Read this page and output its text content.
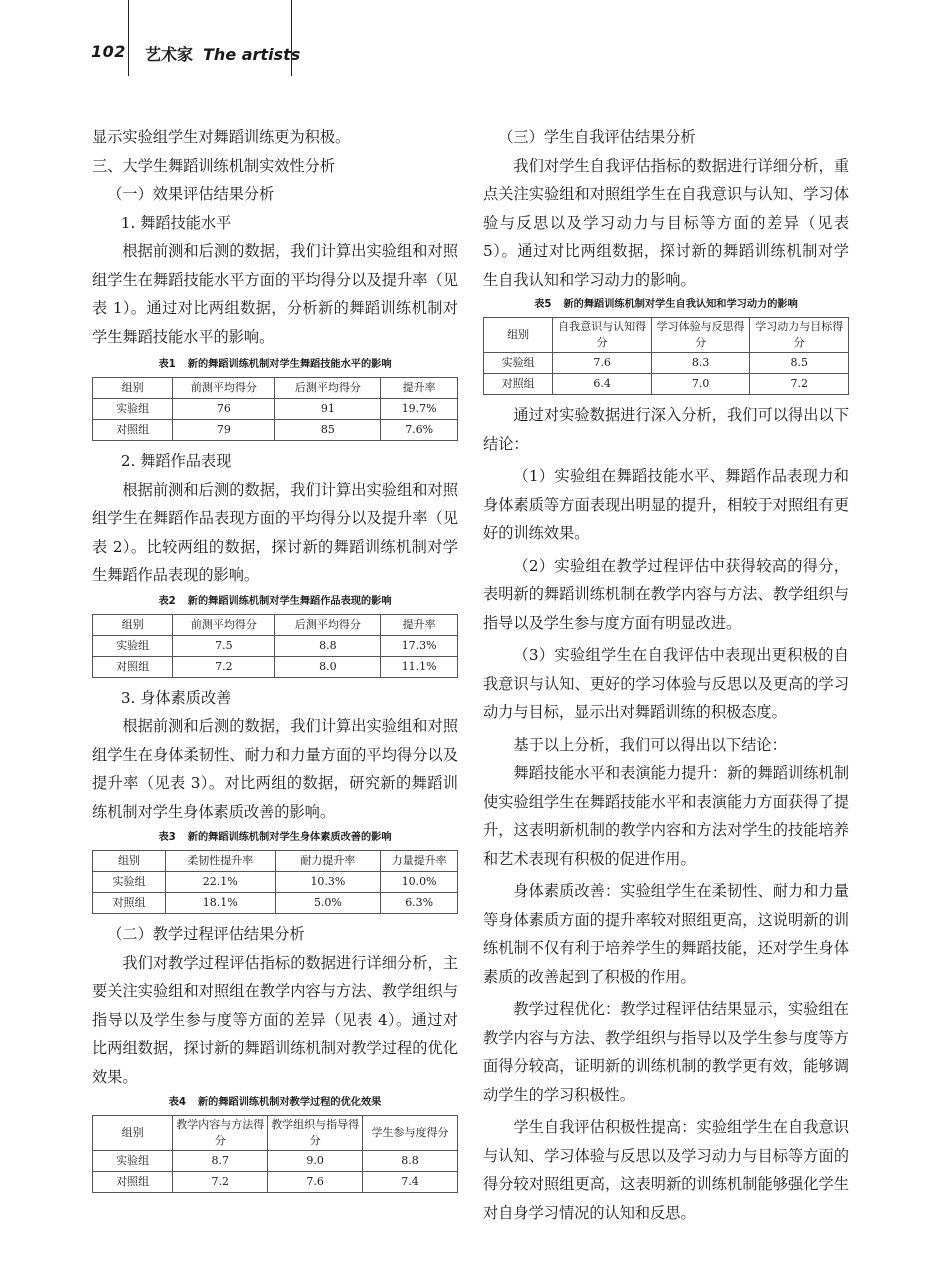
102 艺术家 The artists

显示实验组学生对舞蹈训练更为积极。

三、大学生舞蹈训练机制实效性分析

（一）效果评估结果分析

1. 舞蹈技能水平

根据前测和后测的数据，我们计算出实验组和对照组学生在舞蹈技能水平方面的平均得分以及提升率（见表 1）。通过对比两组数据，分析新的舞蹈训练机制对学生舞蹈技能水平的影响。

表1 新的舞蹈训练机制对学生舞蹈技能水平的影响
组别	前测平均得分	后测平均得分	提升率
实验组	76	91	19.7%
对照组	79	85	7.6%

2. 舞蹈作品表现

根据前测和后测的数据，我们计算出实验组和对照组学生在舞蹈作品表现方面的平均得分以及提升率（见表 2）。比较两组的数据，探讨新的舞蹈训练机制对学生舞蹈作品表现的影响。

表2 新的舞蹈训练机制对学生舞蹈作品表现的影响
组别	前测平均得分	后测平均得分	提升率
实验组	7.5	8.8	17.3%
对照组	7.2	8.0	11.1%

3. 身体素质改善

根据前测和后测的数据，我们计算出实验组和对照组学生在身体柔韧性、耐力和力量方面的平均得分以及提升率（见表 3）。对比两组的数据，研究新的舞蹈训练机制对学生身体素质改善的影响。

表3 新的舞蹈训练机制对学生身体素质改善的影响
组别	柔韧性提升率	耐力提升率	力量提升率
实验组	22.1%	10.3%	10.0%
对照组	18.1%	5.0%	6.3%

（二）教学过程评估结果分析

我们对教学过程评估指标的数据进行详细分析，主要关注实验组和对照组在教学内容与方法、教学组织与指导以及学生参与度等方面的差异（见表 4）。通过对比两组数据，探讨新的舞蹈训练机制对教学过程的优化效果。

表4 新的舞蹈训练机制对教学过程的优化效果
组别	教学内容与方法得分	教学组织与指导得分	学生参与度得分
实验组	8.7	9.0	8.8
对照组	7.2	7.6	7.4

（三）学生自我评估结果分析

我们对学生自我评估指标的数据进行详细分析，重点关注实验组和对照组学生在自我意识与认知、学习体验与反思以及学习动力与目标等方面的差异（见表 5）。通过对比两组数据，探讨新的舞蹈训练机制对学生自我认知和学习动力的影响。

表5 新的舞蹈训练机制对学生自我认知和学习动力的影响
组别	自我意识与认知得分	学习体验与反思得分	学习动力与目标得分
实验组	7.6	8.3	8.5
对照组	6.4	7.0	7.2

通过对实验数据进行深入分析，我们可以得出以下结论：

（1）实验组在舞蹈技能水平、舞蹈作品表现力和身体素质等方面表现出明显的提升，相较于对照组有更好的训练效果。

（2）实验组在教学过程评估中获得较高的得分，表明新的舞蹈训练机制在教学内容与方法、教学组织与指导以及学生参与度方面有明显改进。

（3）实验组学生在自我评估中表现出更积极的自我意识与认知、更好的学习体验与反思以及更高的学习动力与目标，显示出对舞蹈训练的积极态度。

基于以上分析，我们可以得出以下结论：

舞蹈技能水平和表演能力提升：新的舞蹈训练机制使实验组学生在舞蹈技能水平和表演能力方面获得了提升，这表明新机制的教学内容和方法对学生的技能培养和艺术表现有积极的促进作用。

身体素质改善：实验组学生在柔韧性、耐力和力量等身体素质方面的提升率较对照组更高，这说明新的训练机制不仅有利于培养学生的舞蹈技能，还对学生身体素质的改善起到了积极的作用。

教学过程优化：教学过程评估结果显示，实验组在教学内容与方法、教学组织与指导以及学生参与度等方面得分较高，证明新的训练机制的教学更有效，能够调动学生的学习积极性。

学生自我评估积极性提高：实验组学生在自我意识与认知、学习体验与反思以及学习动力与目标等方面的得分较对照组更高，这表明新的训练机制能够强化学生对自身学习情况的认知和反思。
